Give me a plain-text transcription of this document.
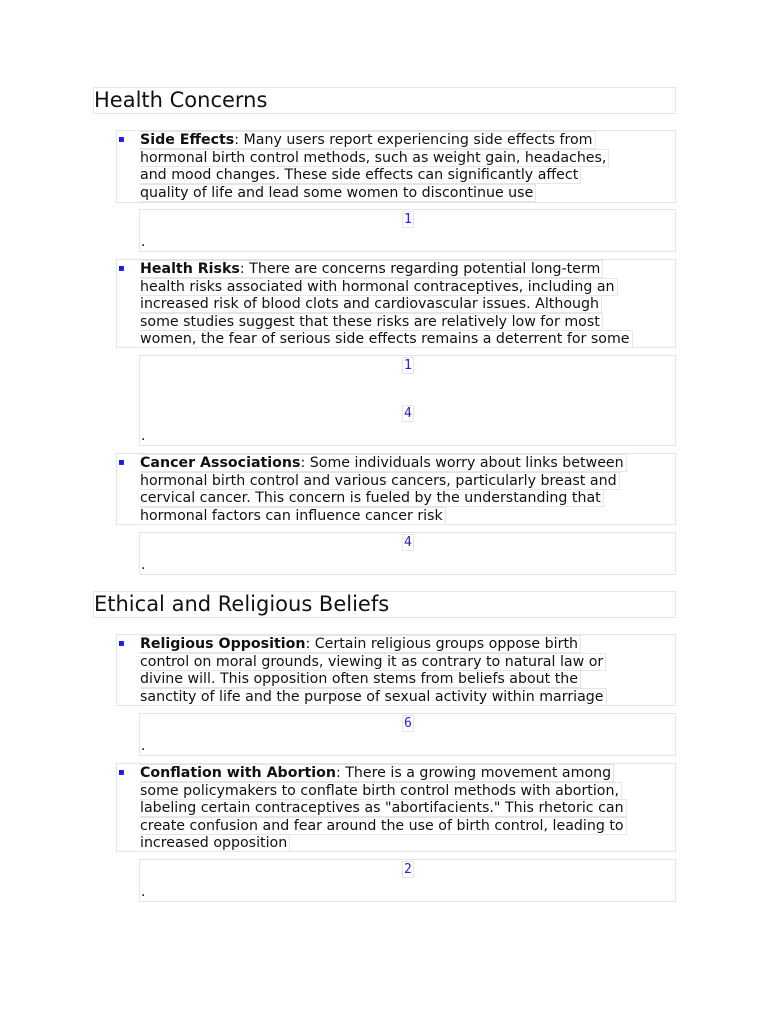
Health Concerns
▪ Side Effects: Many users report experiencing side effects from
hormonal birth control methods, such as weight gain, headaches,
and mood changes. These side effects can significantly affect
quality of life and lead some women to discontinue use
1
.
▪ Health Risks: There are concerns regarding potential long-term
health risks associated with hormonal contraceptives, including an
increased risk of blood clots and cardiovascular issues. Although
some studies suggest that these risks are relatively low for most
women, the fear of serious side effects remains a deterrent for some
1
4
.
▪ Cancer Associations: Some individuals worry about links between
hormonal birth control and various cancers, particularly breast and
cervical cancer. This concern is fueled by the understanding that
hormonal factors can influence cancer risk
4
.
Ethical and Religious Beliefs
▪ Religious Opposition: Certain religious groups oppose birth
control on moral grounds, viewing it as contrary to natural law or
divine will. This opposition often stems from beliefs about the
sanctity of life and the purpose of sexual activity within marriage
6
.
▪ Conflation with Abortion: There is a growing movement among
some policymakers to conflate birth control methods with abortion,
labeling certain contraceptives as "abortifacients." This rhetoric can
create confusion and fear around the use of birth control, leading to
increased opposition
2
.
